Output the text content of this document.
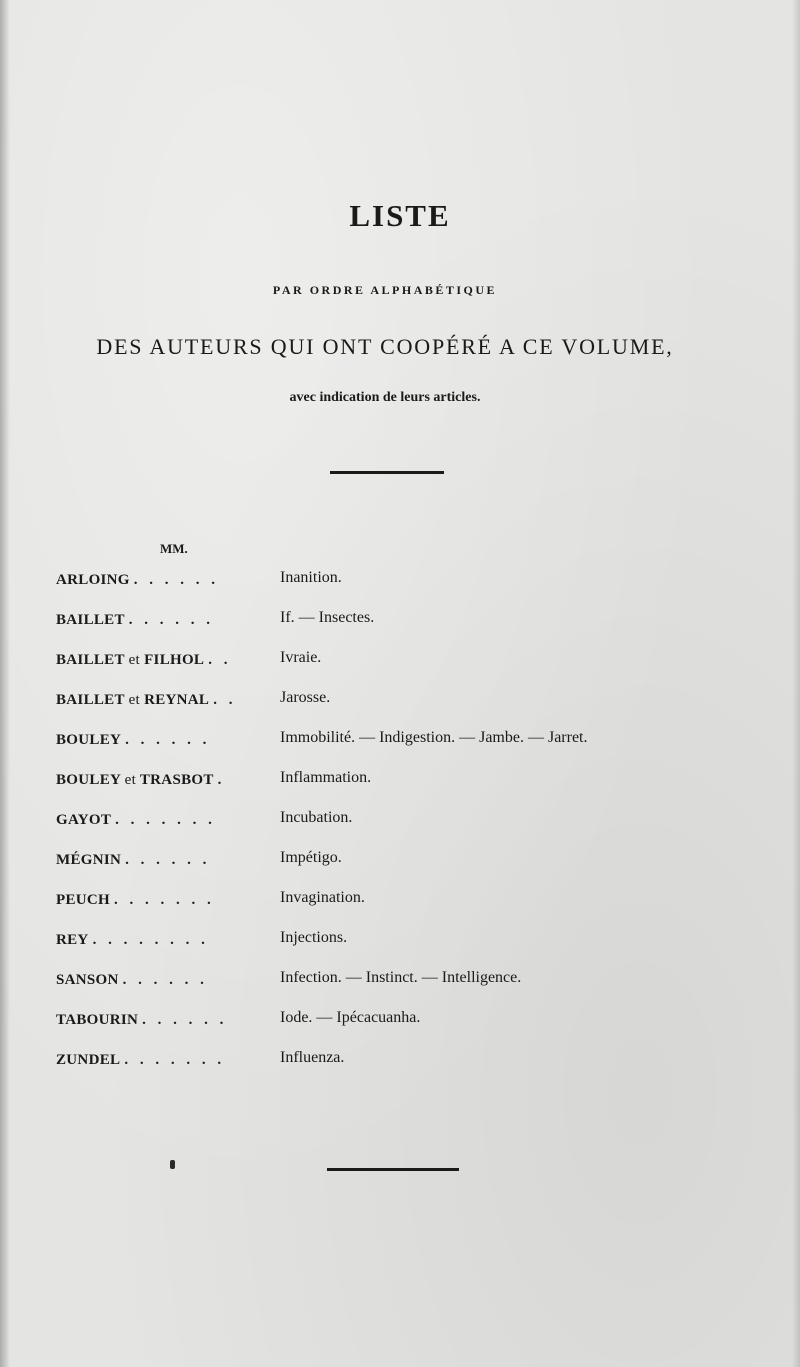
LISTE
PAR ORDRE ALPHABÉTIQUE
DES AUTEURS QUI ONT COOPÉRÉ A CE VOLUME,
avec indication de leurs articles.
MM.
ARLOING . . . . . .	Inanition.
BAILLET . . . . . .	If. — Insectes.
BAILLET et FILHOL . .	Ivraie.
BAILLET et REYNAL . .	Jarosse.
BOULEY . . . . . .	Immobilité. — Indigestion. — Jambe. — Jarret.
BOULEY et TRASBOT .	Inflammation.
GAYOT . . . . . . .	Incubation.
MÉGNIN . . . . . .	Impétigo.
PEUCH . . . . . . .	Invagination.
REY . . . . . . . .	Injections.
SANSON . . . . . .	Infection. — Instinct. — Intelligence.
TABOURIN . . . . . .	Iode. — Ipécacuanha.
ZUNDEL . . . . . . .	Influenza.
